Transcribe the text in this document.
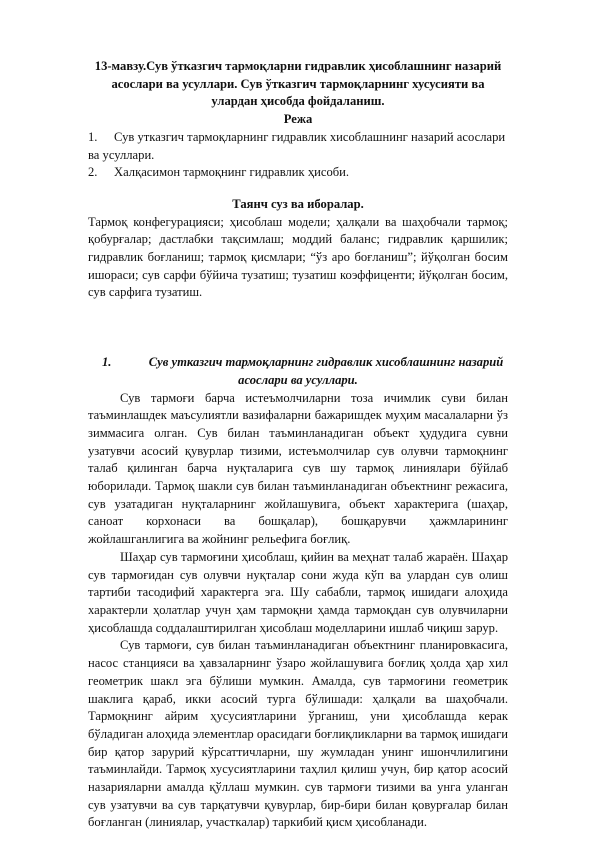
13-мавзу.Сув ўтказгич тармоқларни гидравлик ҳисоблашнинг назарий асослари ва усуллари. Сув ўтказгич тармоқларнинг хусусияти ва улардан ҳисобда фойдаланиш.

Режа

1. Сув утказгич тармоқларнинг гидравлик хисоблашнинг назарий асослари ва усуллари.
2. Халқасимон тармоқнинг гидравлик ҳисоби.

Таянч суз ва иборалар.

Тармоқ конфегурацияси; ҳисоблаш модели; ҳалқали ва шаҳобчали тармоқ; қобурғалар; дастлабки тақсимлаш; моддий баланс; гидравлик қаршилик; гидравлик боғланиш; тармоқ қисмлари; “ўз аро боғланиш”; йўқолган босим ишораси; сув сарфи бўйича тузатиш; тузатиш коэффиценти; йўқолган босим, сув сарфига тузатиш.

1.	Сув утказгич тармоқларнинг гидравлик хисоблашнинг назарий

асослари ва усуллари.

Сув тармоғи барча истеъмолчиларни тоза ичимлик суви билан таъминлашдек маъсулиятли вазифаларни бажаришдек муҳим масалаларни ўз зиммасига олган. Сув билан таъминланадиган объект ҳудудига сувни узатувчи асосий қувурлар тизими, истеъмолчилар сув олувчи тармоқнинг талаб қилинган барча нуқталарига сув шу тармоқ линиялари бўйлаб юборилади. Тармоқ шакли сув билан таъминланадиган объектнинг режасига, сув узатадиган нуқталарнинг жойлашувига, объект характерига (шаҳар, саноат корхонаси ва бошқалар), бошқарувчи ҳажмларининг жойлашганлигига ва жойнинг рельефига боғлиқ.

Шаҳар сув тармоғини ҳисоблаш, қийин ва меҳнат талаб жараён. Шаҳар сув тармоғидан сув олувчи нуқталар сони жуда кўп ва улардан сув олиш тартиби тасодифий характерга эга. Шу сабабли, тармоқ ишидаги алоҳида характерли ҳолатлар учун ҳам тармоқни ҳамда тармоқдан сув олувчиларни ҳисоблашда соддалаштирилган ҳисоблаш моделларини ишлаб чиқиш зарур.

Сув тармоғи, сув билан таъминланадиган объектнинг планировкасига, насос станцияси ва ҳавзаларнинг ўзаро жойлашувига боғлиқ ҳолда ҳар хил геометрик шакл эга бўлиши мумкин. Амалда, сув тармоғини геометрик шаклига қараб, икки асосий турга бўлишади: ҳалқали ва шаҳобчали. Тармоқнинг айрим ҳусусиятларини ўрганиш, уни ҳисоблашда керак бўладиган алоҳида элементлар орасидаги боғлиқликларни ва тармоқ ишидаги бир қатор зарурий кўрсаттичларни, шу жумладан унинг ишончлилигини таъминлайди. Тармоқ хусусиятларини таҳлил қилиш учун, бир қатор асосий назарияларни амалда қўллаш мумкин. сув тармоғи тизими ва унга уланган сув узатувчи ва сув тарқатувчи қувурлар, бир-бири билан қовурғалар билан боғланган (линиялар, участкалар) таркибий қисм ҳисобланади.
